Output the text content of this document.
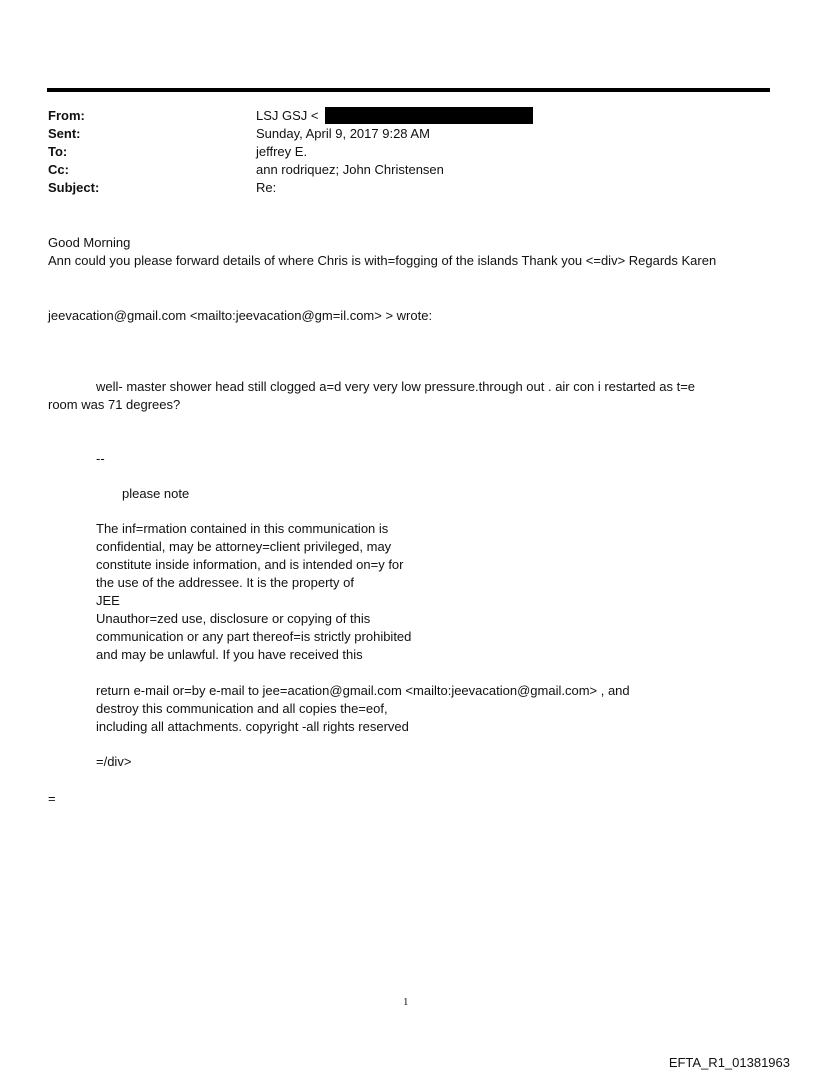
From:	LSJ GSJ <
Sent:	Sunday, April 9, 2017 9:28 AM
To:	jeffrey E.
Cc:	ann rodriquez; John Christensen
Subject:	Re:
Good Morning
Ann could you please forward details of where Chris is with=fogging of the islands Thank you <=div> Regards Karen
jeevacation@gmail.com <mailto:jeevacation@gm=il.com> > wrote:
well- master shower head still clogged a=d very very low pressure.through out . air con i restarted as t=e
room was 71 degrees?
--
please note
The inf=rmation contained in this communication is
confidential, may be attorney=client privileged, may
constitute inside information, and is intended on=y for
the use of the addressee. It is the property of
JEE
Unauthor=zed use, disclosure or copying of this
communication or any part thereof=is strictly prohibited
and may be unlawful. If you have received this
return e-mail or=by e-mail to jee=acation@gmail.com <mailto:jeevacation@gmail.com> , and
destroy this communication and all copies the=eof,
including all attachments. copyright -all rights reserved
=/div>
=
1
EFTA_R1_01381963
